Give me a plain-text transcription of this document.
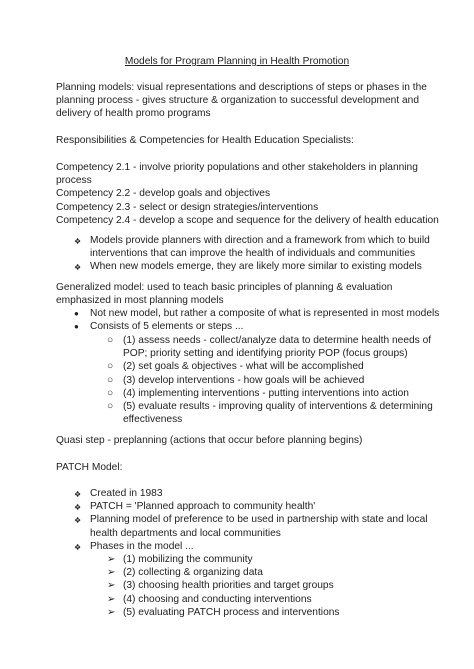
Models for Program Planning in Health Promotion
Planning models: visual representations and descriptions of steps or phases in the
planning process - gives structure & organization to successful development and
delivery of health promo programs
Responsibilities & Competencies for Health Education Specialists:
Competency 2.1 - involve priority populations and other stakeholders in planning
process
Competency 2.2 - develop goals and objectives
Competency 2.3 - select or design strategies/interventions
Competency 2.4 - develop a scope and sequence for the delivery of health education
❖ Models provide planners with direction and a framework from which to build
interventions that can improve the health of individuals and communities
❖ When new models emerge, they are likely more similar to existing models
Generalized model: used to teach basic principles of planning & evaluation
emphasized in most planning models
● Not new model, but rather a composite of what is represented in most models
● Consists of 5 elements or steps ...
○ (1) assess needs - collect/analyze data to determine health needs of
POP; priority setting and identifying priority POP (focus groups)
○ (2) set goals & objectives - what will be accomplished
○ (3) develop interventions - how goals will be achieved
○ (4) implementing interventions - putting interventions into action
○ (5) evaluate results - improving quality of interventions & determining
effectiveness
Quasi step - preplanning (actions that occur before planning begins)
PATCH Model:
❖ Created in 1983
❖ PATCH = 'Planned approach to community health'
❖ Planning model of preference to be used in partnership with state and local
health departments and local communities
❖ Phases in the model ...
➢ (1) mobilizing the community
➢ (2) collecting & organizing data
➢ (3) choosing health priorities and target groups
➢ (4) choosing and conducting interventions
➢ (5) evaluating PATCH process and interventions
